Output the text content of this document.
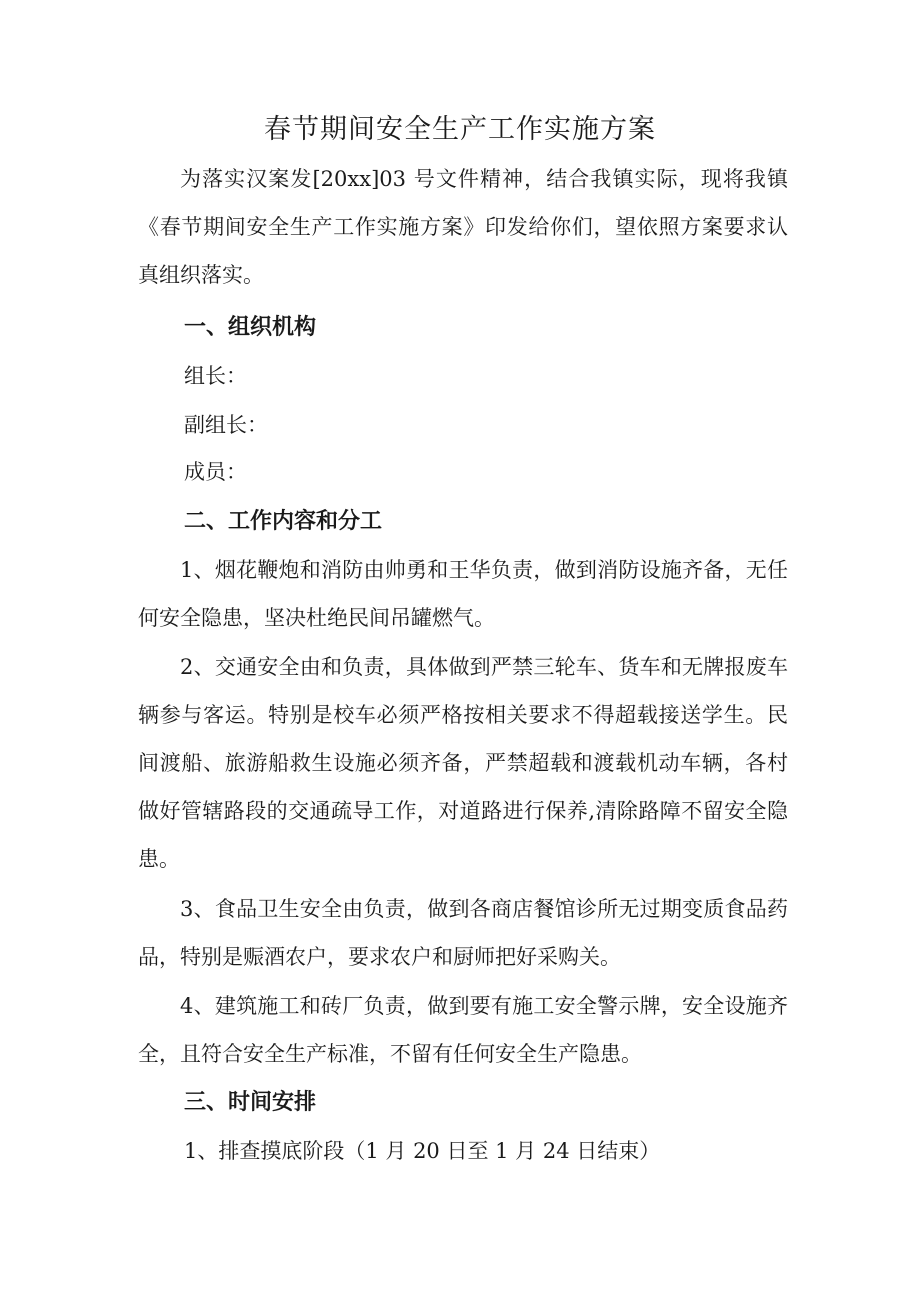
春节期间安全生产工作实施方案

为落实汉案发[20xx]03 号文件精神，结合我镇实际，现将我镇《春节期间安全生产工作实施方案》印发给你们，望依照方案要求认真组织落实。

一、组织机构
组长：
副组长：
成员：
二、工作内容和分工

1、烟花鞭炮和消防由帅勇和王华负责，做到消防设施齐备，无任何安全隐患，坚决杜绝民间吊罐燃气。

2、交通安全由和负责，具体做到严禁三轮车、货车和无牌报废车辆参与客运。特别是校车必须严格按相关要求不得超载接送学生。民间渡船、旅游船救生设施必须齐备，严禁超载和渡载机动车辆，各村做好管辖路段的交通疏导工作，对道路进行保养,清除路障不留安全隐患。

3、食品卫生安全由负责，做到各商店餐馆诊所无过期变质食品药品，特别是赈酒农户，要求农户和厨师把好采购关。

4、建筑施工和砖厂负责，做到要有施工安全警示牌，安全设施齐全，且符合安全生产标准，不留有任何安全生产隐患。

三、时间安排
1、排查摸底阶段（1 月 20 日至 1 月 24 日结束）
